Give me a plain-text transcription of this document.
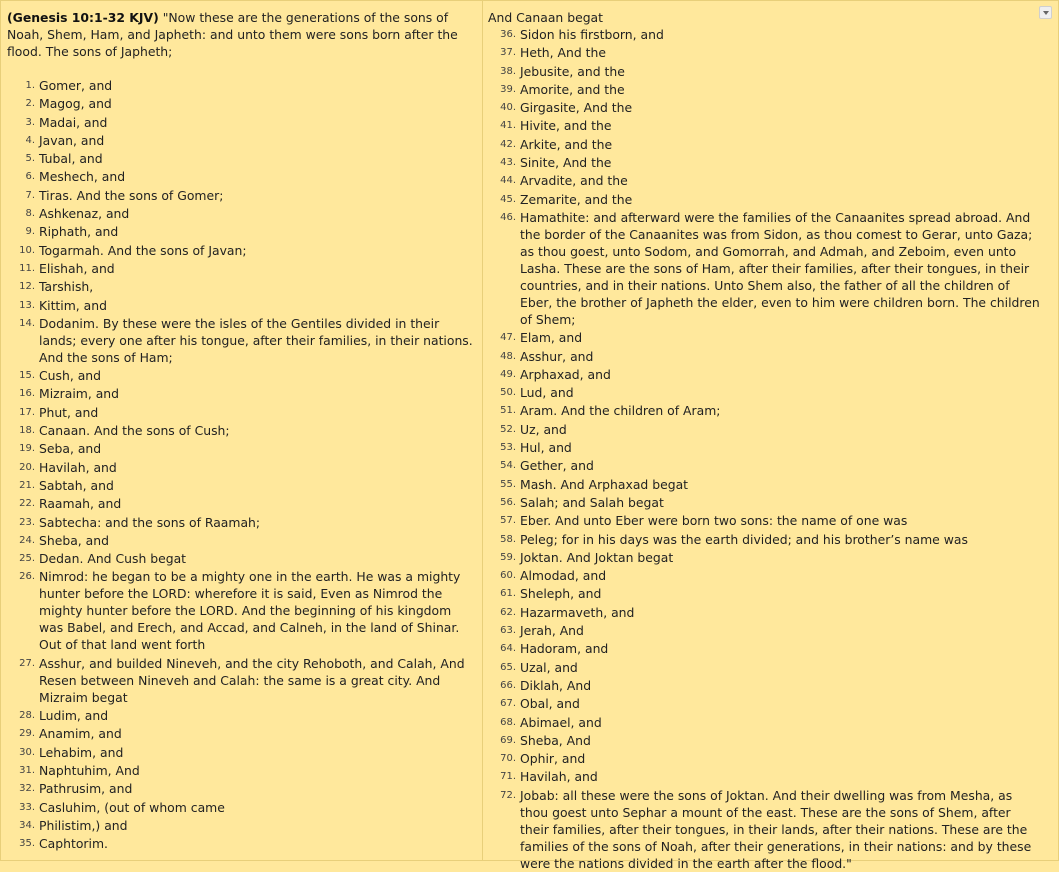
(Genesis 10:1-32 KJV) "Now these are the generations of the sons of Noah, Shem, Ham, and Japheth: and unto them were sons born after the flood. The sons of Japheth;

1. Gomer, and
2. Magog, and
3. Madai, and
4. Javan, and
5. Tubal, and
6. Meshech, and
7. Tiras. And the sons of Gomer;
8. Ashkenaz, and
9. Riphath, and
10. Togarmah. And the sons of Javan;
11. Elishah, and
12. Tarshish,
13. Kittim, and
14. Dodanim. By these were the isles of the Gentiles divided in their lands; every one after his tongue, after their families, in their nations. And the sons of Ham;
15. Cush, and
16. Mizraim, and
17. Phut, and
18. Canaan. And the sons of Cush;
19. Seba, and
20. Havilah, and
21. Sabtah, and
22. Raamah, and
23. Sabtecha: and the sons of Raamah;
24. Sheba, and
25. Dedan. And Cush begat
26. Nimrod: he began to be a mighty one in the earth. He was a mighty hunter before the LORD: wherefore it is said, Even as Nimrod the mighty hunter before the LORD. And the beginning of his kingdom was Babel, and Erech, and Accad, and Calneh, in the land of Shinar. Out of that land went forth
27. Asshur, and builded Nineveh, and the city Rehoboth, and Calah, And Resen between Nineveh and Calah: the same is a great city. And Mizraim begat
28. Ludim, and
29. Anamim, and
30. Lehabim, and
31. Naphtuhim, And
32. Pathrusim, and
33. Casluhim, (out of whom came
34. Philistim,) and
35. Caphtorim.

And Canaan begat

36. Sidon his firstborn, and
37. Heth, And the
38. Jebusite, and the
39. Amorite, and the
40. Girgasite, And the
41. Hivite, and the
42. Arkite, and the
43. Sinite, And the
44. Arvadite, and the
45. Zemarite, and the
46. Hamathite: and afterward were the families of the Canaanites spread abroad. And the border of the Canaanites was from Sidon, as thou comest to Gerar, unto Gaza; as thou goest, unto Sodom, and Gomorrah, and Admah, and Zeboim, even unto Lasha. These are the sons of Ham, after their families, after their tongues, in their countries, and in their nations. Unto Shem also, the father of all the children of Eber, the brother of Japheth the elder, even to him were children born. The children of Shem;
47. Elam, and
48. Asshur, and
49. Arphaxad, and
50. Lud, and
51. Aram. And the children of Aram;
52. Uz, and
53. Hul, and
54. Gether, and
55. Mash. And Arphaxad begat
56. Salah; and Salah begat
57. Eber. And unto Eber were born two sons: the name of one was
58. Peleg; for in his days was the earth divided; and his brother’s name was
59. Joktan. And Joktan begat
60. Almodad, and
61. Sheleph, and
62. Hazarmaveth, and
63. Jerah, And
64. Hadoram, and
65. Uzal, and
66. Diklah, And
67. Obal, and
68. Abimael, and
69. Sheba, And
70. Ophir, and
71. Havilah, and
72. Jobab: all these were the sons of Joktan. And their dwelling was from Mesha, as thou goest unto Sephar a mount of the east. These are the sons of Shem, after their families, after their tongues, in their lands, after their nations. These are the families of the sons of Noah, after their generations, in their nations: and by these were the nations divided in the earth after the flood."
